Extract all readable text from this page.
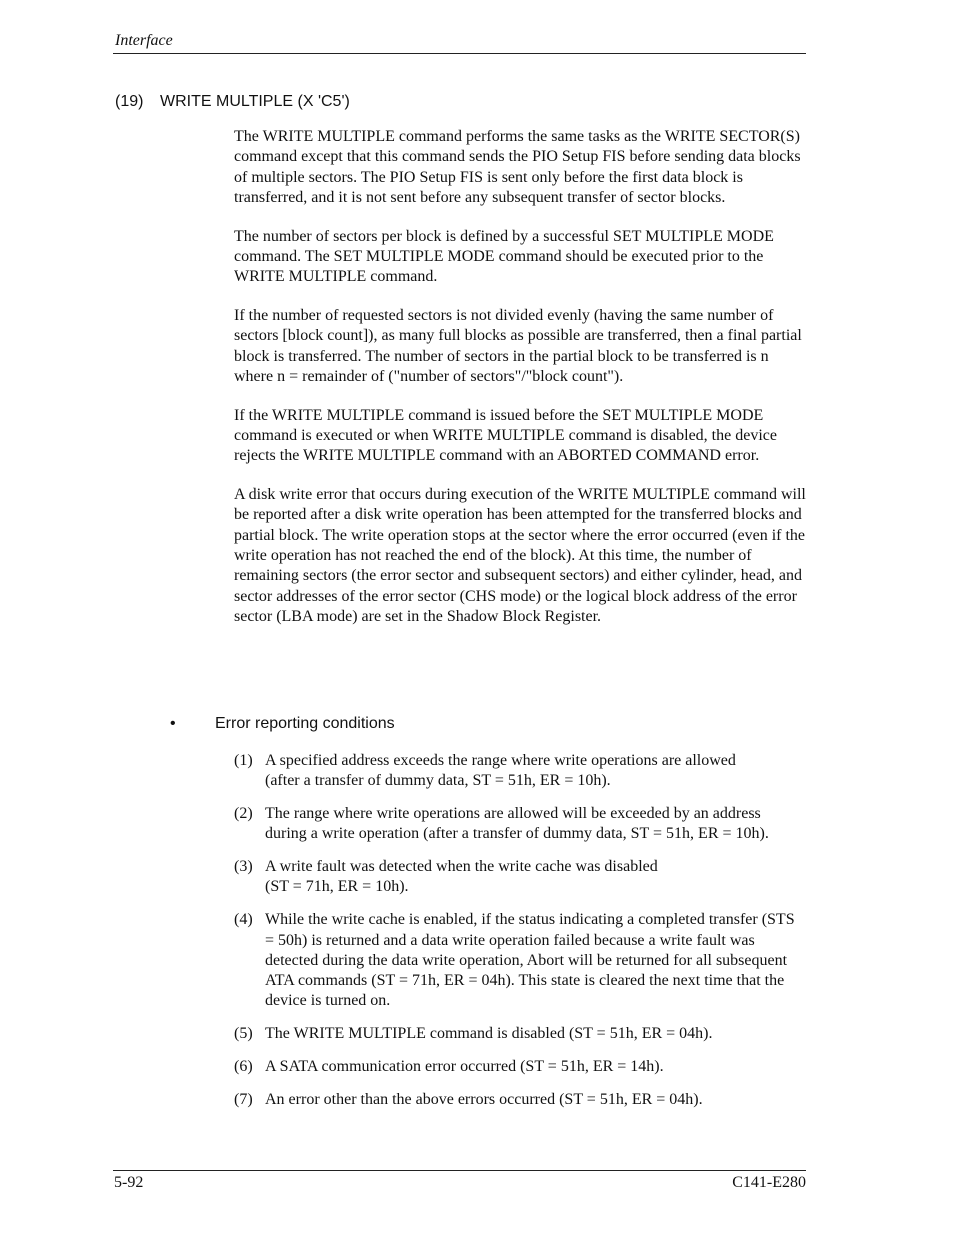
Interface
(19) WRITE MULTIPLE (X 'C5')

The WRITE MULTIPLE command performs the same tasks as the WRITE SECTOR(S) command except that this command sends the PIO Setup FIS before sending data blocks of multiple sectors. The PIO Setup FIS is sent only before the first data block is transferred, and it is not sent before any subsequent transfer of sector blocks.

The number of sectors per block is defined by a successful SET MULTIPLE MODE command. The SET MULTIPLE MODE command should be executed prior to the WRITE MULTIPLE command.

If the number of requested sectors is not divided evenly (having the same number of sectors [block count]), as many full blocks as possible are transferred, then a final partial block is transferred. The number of sectors in the partial block to be transferred is n where n = remainder of ("number of sectors"/"block count").

If the WRITE MULTIPLE command is issued before the SET MULTIPLE MODE command is executed or when WRITE MULTIPLE command is disabled, the device rejects the WRITE MULTIPLE command with an ABORTED COMMAND error.

A disk write error that occurs during execution of the WRITE MULTIPLE command will be reported after a disk write operation has been attempted for the transferred blocks and partial block. The write operation stops at the sector where the error occurred (even if the write operation has not reached the end of the block). At this time, the number of remaining sectors (the error sector and subsequent sectors) and either cylinder, head, and sector addresses of the error sector (CHS mode) or the logical block address of the error sector (LBA mode) are set in the Shadow Block Register.

• Error reporting conditions
(1) A specified address exceeds the range where write operations are allowed
(after a transfer of dummy data, ST = 51h, ER = 10h).
(2) The range where write operations are allowed will be exceeded by an address
during a write operation (after a transfer of dummy data, ST = 51h, ER = 10h).
(3) A write fault was detected when the write cache was disabled
(ST = 71h, ER = 10h).
(4) While the write cache is enabled, if the status indicating a completed transfer (STS = 50h) is returned and a data write operation failed because a write fault was detected during the data write operation, Abort will be returned for all subsequent ATA commands (ST = 71h, ER = 04h). This state is cleared the next time that the device is turned on.
(5) The WRITE MULTIPLE command is disabled (ST = 51h, ER = 04h).
(6) A SATA communication error occurred (ST = 51h, ER = 14h).
(7) An error other than the above errors occurred (ST = 51h, ER = 04h).
5-92	C141-E280
